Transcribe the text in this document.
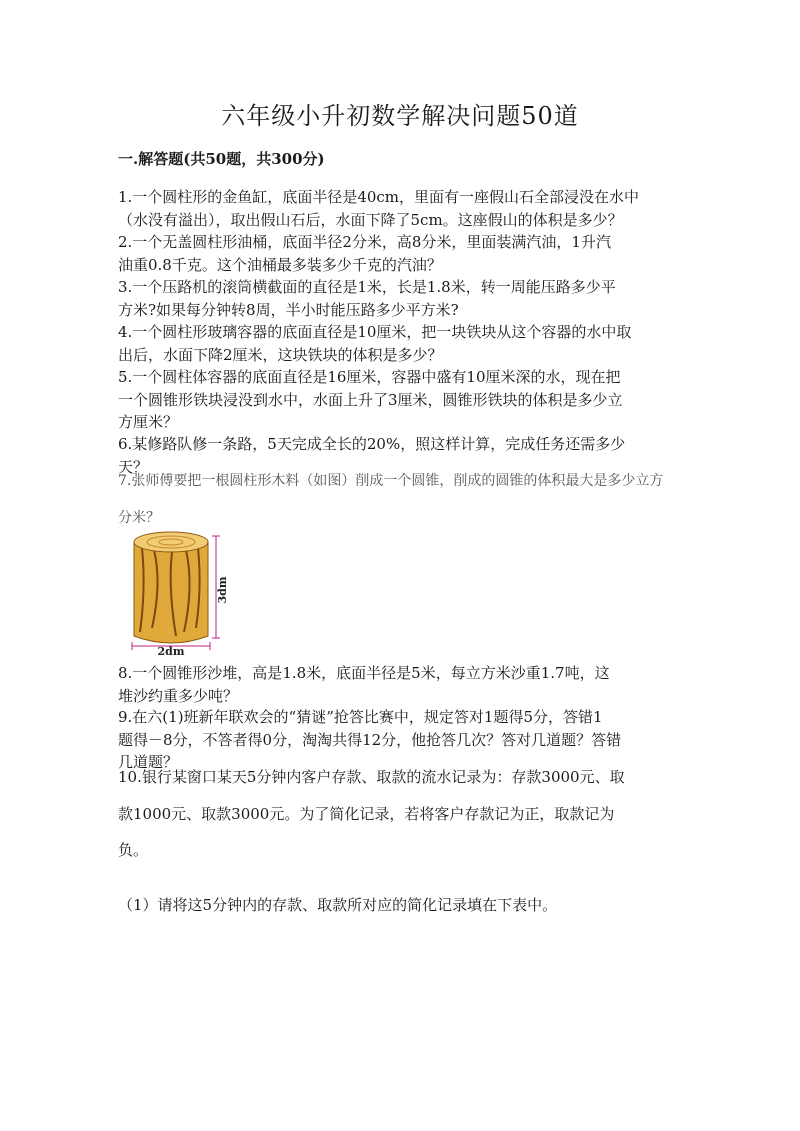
六年级小升初数学解决问题50道
一.解答题(共50题，共300分)
1.一个圆柱形的金鱼缸，底面半径是40cm，里面有一座假山石全部浸没在水中
（水没有溢出），取出假山石后，水面下降了5cm。这座假山的体积是多少？
2.一个无盖圆柱形油桶，底面半径2分米，高8分米，里面装满汽油，1升汽
油重0.8千克。这个油桶最多装多少千克的汽油？
3.一个压路机的滚筒横截面的直径是1米，长是1.8米，转一周能压路多少平
方米?如果每分钟转8周，半小时能压路多少平方米?
4.一个圆柱形玻璃容器的底面直径是10厘米，把一块铁块从这个容器的水中取
出后，水面下降2厘米，这块铁块的体积是多少？
5.一个圆柱体容器的底面直径是16厘米，容器中盛有10厘米深的水，现在把
一个圆锥形铁块浸没到水中，水面上升了3厘米，圆锥形铁块的体积是多少立
方厘米？
6.某修路队修一条路，5天完成全长的20%，照这样计算，完成任务还需多少
天？
7.张师傅要把一根圆柱形木料（如图）削成一个圆锥，削成的圆锥的体积最大是多少立方
分米？
3dm
2dm
8.一个圆锥形沙堆，高是1.8米，底面半径是5米，每立方米沙重1.7吨，这
堆沙约重多少吨？
9.在六(1)班新年联欢会的“猜谜”抢答比赛中，规定答对1题得5分，答错1
题得－8分，不答者得0分，淘淘共得12分，他抢答几次？答对几道题？答错
几道题？
10.银行某窗口某天5分钟内客户存款、取款的流水记录为：存款3000元、取
款1000元、取款3000元。为了简化记录，若将客户存款记为正，取款记为
负。
（1）请将这5分钟内的存款、取款所对应的简化记录填在下表中。
